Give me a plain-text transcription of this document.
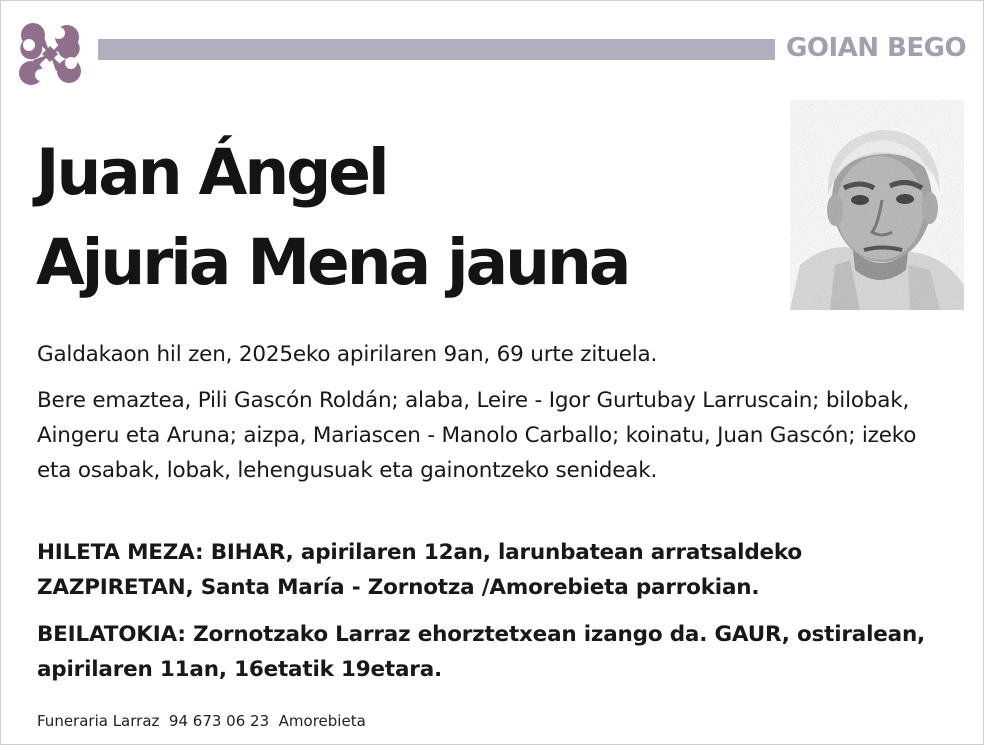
GOIAN BEGO
Juan Ángel
Ajuria Mena jauna
Galdakaon hil zen, 2025eko apirilaren 9an, 69 urte zituela.
Bere emaztea, Pili Gascón Roldán; alaba, Leire - Igor Gurtubay Larruscain; bilobak, Aingeru eta Aruna; aizpa, Mariascen - Manolo Carballo; koinatu, Juan Gascón; izeko eta osabak, lobak, lehengusuak eta gainontzeko senideak.
HILETA MEZA: BIHAR, apirilaren 12an, larunbatean arratsaldeko ZAZPIRETAN, Santa María - Zornotza /Amorebieta parrokian.
BEILATOKIA: Zornotzako Larraz ehorztetxean izango da. GAUR, ostiralean, apirilaren 11an, 16etatik 19etara.
Funeraria Larraz  94 673 06 23  Amorebieta
